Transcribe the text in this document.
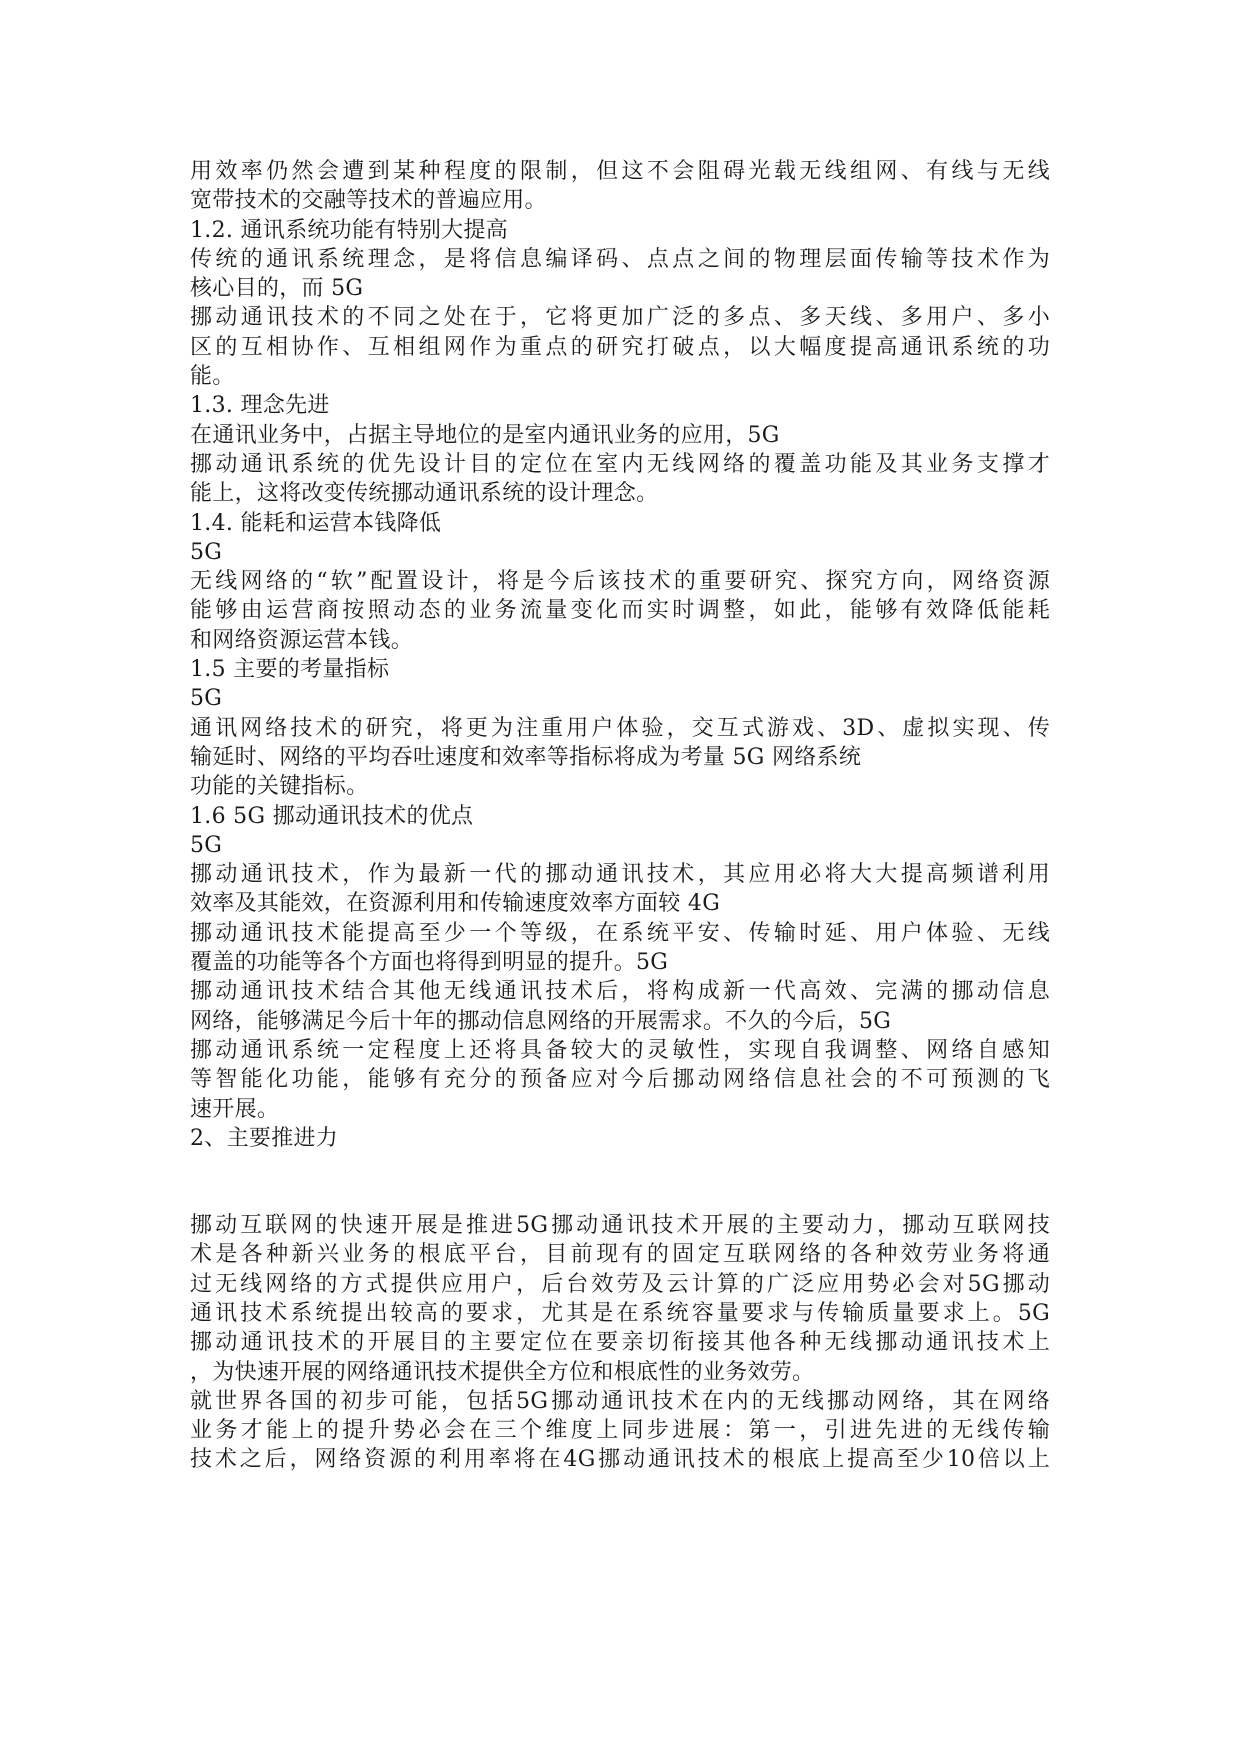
用效率仍然会遭到某种程度的限制，但这不会阻碍光载无线组网、有线与无线
宽带技术的交融等技术的普遍应用。
1.2. 通讯系统功能有特别大提高
传统的通讯系统理念，是将信息编译码、点点之间的物理层面传输等技术作为
核心目的，而 5G
挪动通讯技术的不同之处在于，它将更加广泛的多点、多天线、多用户、多小
区的互相协作、互相组网作为重点的研究打破点，以大幅度提高通讯系统的功
能。
1.3. 理念先进
在通讯业务中，占据主导地位的是室内通讯业务的应用，5G
挪动通讯系统的优先设计目的定位在室内无线网络的覆盖功能及其业务支撑才
能上，这将改变传统挪动通讯系统的设计理念。
1.4. 能耗和运营本钱降低
5G
无线网络的“软”配置设计，将是今后该技术的重要研究、探究方向，网络资源
能够由运营商按照动态的业务流量变化而实时调整，如此，能够有效降低能耗
和网络资源运营本钱。
1.5 主要的考量指标
5G
通讯网络技术的研究，将更为注重用户体验，交互式游戏、3D、虚拟实现、传
输延时、网络的平均吞吐速度和效率等指标将成为考量 5G 网络系统
功能的关键指标。
1.6 5G 挪动通讯技术的优点
5G
挪动通讯技术，作为最新一代的挪动通讯技术，其应用必将大大提高频谱利用
效率及其能效，在资源利用和传输速度效率方面较 4G
挪动通讯技术能提高至少一个等级，在系统平安、传输时延、用户体验、无线
覆盖的功能等各个方面也将得到明显的提升。5G
挪动通讯技术结合其他无线通讯技术后，将构成新一代高效、完满的挪动信息
网络，能够满足今后十年的挪动信息网络的开展需求。不久的今后，5G
挪动通讯系统一定程度上还将具备较大的灵敏性，实现自我调整、网络自感知
等智能化功能，能够有充分的预备应对今后挪动网络信息社会的不可预测的飞
速开展。
2、主要推进力
挪动互联网的快速开展是推进5G挪动通讯技术开展的主要动力，挪动互联网技
术是各种新兴业务的根底平台，目前现有的固定互联网络的各种效劳业务将通
过无线网络的方式提供应用户，后台效劳及云计算的广泛应用势必会对5G挪动
通讯技术系统提出较高的要求，尤其是在系统容量要求与传输质量要求上。5G
挪动通讯技术的开展目的主要定位在要亲切衔接其他各种无线挪动通讯技术上
，为快速开展的网络通讯技术提供全方位和根底性的业务效劳。
就世界各国的初步可能，包括5G挪动通讯技术在内的无线挪动网络，其在网络
业务才能上的提升势必会在三个维度上同步进展：第一，引进先进的无线传输
技术之后，网络资源的利用率将在4G挪动通讯技术的根底上提高至少10倍以上
